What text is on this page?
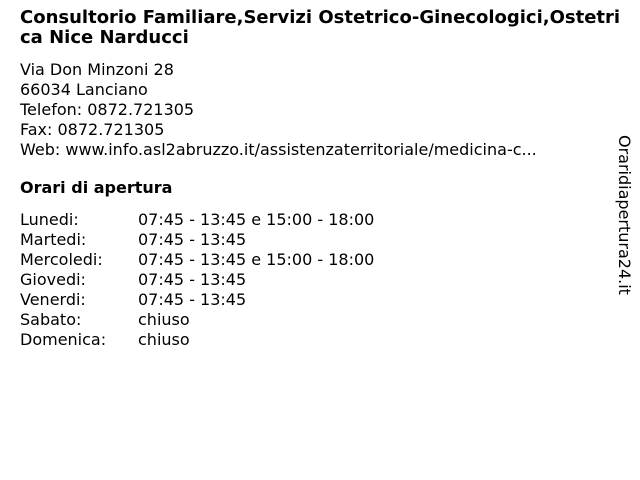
Consultorio Familiare,Servizi Ostetrico-Ginecologici,Ostetrica Nice Narducci
Via Don Minzoni 28
66034 Lanciano
Telefon: 0872.721305
Fax: 0872.721305
Web: www.info.asl2abruzzo.it/assistenzaterritoriale/medicina-c...
Orari di apertura
Lunedi:	07:45 - 13:45 e 15:00 - 18:00
Martedi:	07:45 - 13:45
Mercoledi:	07:45 - 13:45 e 15:00 - 18:00
Giovedi:	07:45 - 13:45
Venerdi:	07:45 - 13:45
Sabato:	chiuso
Domenica:	chiuso
Oraridiapertura24.it
